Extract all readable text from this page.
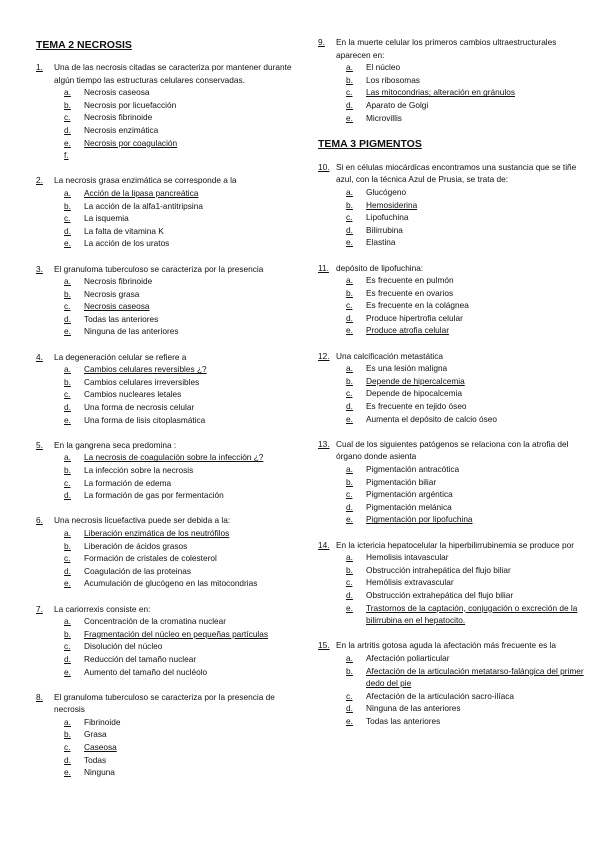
TEMA 2 NECROSIS
1.	Una de las necrosis citadas se caracteriza por mantener durante algún tiempo las estructuras celulares conservadas.
a.	Necrosis caseosa
b.	Necrosis por licuefacción
c.	Necrosis fibrinoide
d.	Necrosis enzimática
e.	Necrosis por coagulación
f.
2.	La necrosis grasa enzimática se corresponde a la
a.	Acción de la lipasa pancreática
b.	La acción de la alfa1-antitripsina
c.	La isquemia
d.	La falta de vitamina K
e.	La acción de los uratos
3.	El granuloma tuberculoso se caracteriza por la presencia
a.	Necrosis fibrinoide
b.	Necrosis grasa
c.	Necrosis caseosa
d.	Todas las anteriores
e.	Ninguna de las anteriores
4.	La degeneración celular se refiere a
a.	Cambios celulares reversibles ¿?
b.	Cambios celulares irreversibles
c.	Cambios nucleares letales
d.	Una forma de necrosis celular
e.	Una forma de lisis citoplasmática
5.	En la gangrena seca predomina :
a.	La necrosis de coagulación sobre la infección ¿?
b.	La infección sobre la necrosis
c.	La formación de edema
d.	La formación de gas por fermentación
6.	Una necrosis licuefactiva puede ser debida a la:
a.	Liberación enzimática de los neutrófilos
b.	Liberación de ácidos grasos
c.	Formación de cristales de colesterol
d.	Coagulación de las proteinas
e.	Acumulación de glucógeno en las mitocondrias
7.	La cariorrexis consiste en:
a.	Concentración de la cromatina nuclear
b.	Fragmentación del núcleo en pequeñas partículas
c.	Disolución del núcleo
d.	Reducción del tamaño nuclear
e.	Aumento del tamaño del nucléolo
8.	El granuloma tuberculoso se caracteriza por la presencia de necrosis
a.	Fibrinoide
b.	Grasa
c.	Caseosa
d.	Todas
e.	Ninguna
9.	En la muerte celular los primeros cambios ultraestructurales aparecen en:
a.	El núcleo
b.	Los ribosomas
c.	Las mitocondrias; alteración en gránulos
d.	Aparato de Golgi
e.	Microvillis
TEMA 3 PIGMENTOS
10. Si en células miocárdicas encontramos una sustancia que se tiñe azul, con la técnica Azul de Prusia, se trata de:
a.	Glucógeno
b.	Hemosiderina
c.	Lipofuchina
d.	Bilirrubina
e.	Elastina
11. depósito de lipofuchina:
a.	Es frecuente en pulmón
b.	Es frecuente en ovarios
c.	Es frecuente en la colágnea
d.	Produce hipertrofia celular
e.	Produce atrofia celular
12. Una calcificación metastática
a.	Es una lesión maligna
b.	Depende de hipercalcemia
c.	Depende de hipocalcemia
d.	Es frecuente en tejido óseo
e.	Aumenta el depósito de calcio óseo
13. Cual de los siguientes patógenos se relaciona con la atrofia del órgano donde asienta
a.	Pigmentación antracótica
b.	Pigmentación biliar
c.	Pigmentación argéntica
d.	Pigmentación melánica
e.	Pigmentación por lipofuchina
14. En la ictericia hepatocelular la hiperbilirrubinemia se produce por
a.	Hemolisis intavascular
b.	Obstrucción intrahepática del flujo biliar
c.	Hemólisis extravascular
d.	Obstrucción extrahepática del flujo biliar
e.	Trastornos de la captación, conjugación o excreción de la bilirrubina en el hepatocito.
15. En la artritis gotosa aguda la afectación más frecuente es la
a.	Afectación poliarticular
b.	Afectación de la articulación metatarso-falángica del primer dedo del pie
c.	Afectación de la articulación sacro-ilíaca
d.	Ninguna de las anteriores
e.	Todas las anteriores
